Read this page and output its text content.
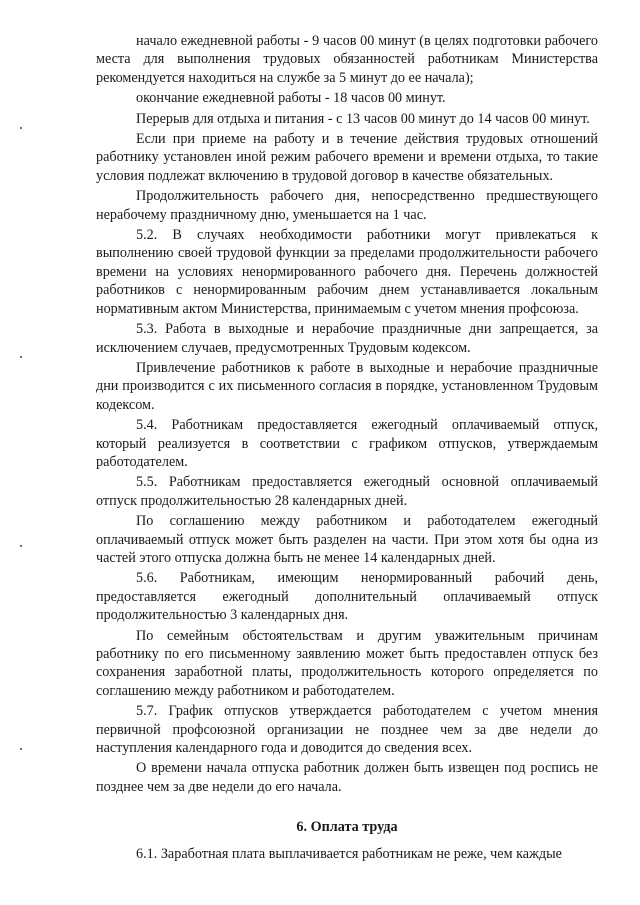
начало ежедневной работы - 9 часов 00 минут (в целях подготовки рабочего места для выполнения трудовых обязанностей работникам Министерства рекомендуется находиться на службе за 5 минут до ее начала);

окончание ежедневной работы - 18 часов 00 минут.

Перерыв для отдыха и питания - с 13 часов 00 минут до 14 часов 00 минут.

Если при приеме на работу и в течение действия трудовых отношений работнику установлен иной режим рабочего времени и времени отдыха, то такие условия подлежат включению в трудовой договор в качестве обязательных.

Продолжительность рабочего дня, непосредственно предшествующего нерабочему праздничному дню, уменьшается на 1 час.

5.2. В случаях необходимости работники могут привлекаться к выполнению своей трудовой функции за пределами продолжительности рабочего времени на условиях ненормированного рабочего дня. Перечень должностей работников с ненормированным рабочим днем устанавливается локальным нормативным актом Министерства, принимаемым с учетом мнения профсоюза.

5.3. Работа в выходные и нерабочие праздничные дни запрещается, за исключением случаев, предусмотренных Трудовым кодексом.

Привлечение работников к работе в выходные и нерабочие праздничные дни производится с их письменного согласия в порядке, установленном Трудовым кодексом.

5.4. Работникам предоставляется ежегодный оплачиваемый отпуск, который реализуется в соответствии с графиком отпусков, утверждаемым работодателем.

5.5. Работникам предоставляется ежегодный основной оплачиваемый отпуск продолжительностью 28 календарных дней.

По соглашению между работником и работодателем ежегодный оплачиваемый отпуск может быть разделен на части. При этом хотя бы одна из частей этого отпуска должна быть не менее 14 календарных дней.

5.6. Работникам, имеющим ненормированный рабочий день, предоставляется ежегодный дополнительный оплачиваемый отпуск продолжительностью 3 календарных дня.

По семейным обстоятельствам и другим уважительным причинам работнику по его письменному заявлению может быть предоставлен отпуск без сохранения заработной платы, продолжительность которого определяется по соглашению между работником и работодателем.

5.7. График отпусков утверждается работодателем с учетом мнения первичной профсоюзной организации не позднее чем за две недели до наступления календарного года и доводится до сведения всех.

О времени начала отпуска работник должен быть извещен под роспись не позднее чем за две недели до его начала.

6. Оплата труда

6.1. Заработная плата выплачивается работникам не реже, чем каждые
